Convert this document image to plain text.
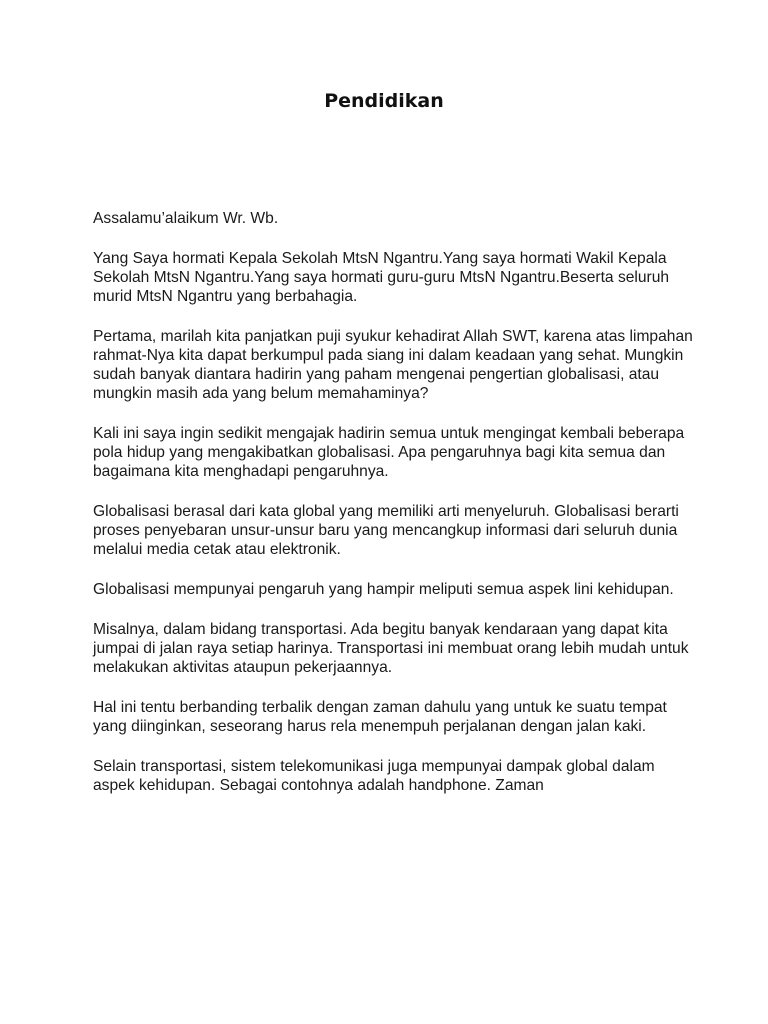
Pendidikan

Assalamu’alaikum Wr. Wb.

Yang Saya hormati Kepala Sekolah MtsN Ngantru.Yang saya hormati Wakil Kepala Sekolah MtsN Ngantru.Yang saya hormati guru-guru MtsN Ngantru.Beserta seluruh murid MtsN Ngantru yang berbahagia.

Pertama, marilah kita panjatkan puji syukur kehadirat Allah SWT, karena atas limpahan rahmat-Nya kita dapat berkumpul pada siang ini dalam keadaan yang sehat. Mungkin sudah banyak diantara hadirin yang paham mengenai pengertian globalisasi, atau mungkin masih ada yang belum memahaminya?

Kali ini saya ingin sedikit mengajak hadirin semua untuk mengingat kembali beberapa pola hidup yang mengakibatkan globalisasi. Apa pengaruhnya bagi kita semua dan bagaimana kita menghadapi pengaruhnya.

Globalisasi berasal dari kata global yang memiliki arti menyeluruh. Globalisasi berarti proses penyebaran unsur-unsur baru yang mencangkup informasi dari seluruh dunia melalui media cetak atau elektronik.

Globalisasi mempunyai pengaruh yang hampir meliputi semua aspek lini kehidupan.

Misalnya, dalam bidang transportasi. Ada begitu banyak kendaraan yang dapat kita jumpai di jalan raya setiap harinya. Transportasi ini membuat orang lebih mudah untuk melakukan aktivitas ataupun pekerjaannya.

Hal ini tentu berbanding terbalik dengan zaman dahulu yang untuk ke suatu tempat yang diinginkan, seseorang harus rela menempuh perjalanan dengan jalan kaki.

Selain transportasi, sistem telekomunikasi juga mempunyai dampak global dalam aspek kehidupan. Sebagai contohnya adalah handphone. Zaman
